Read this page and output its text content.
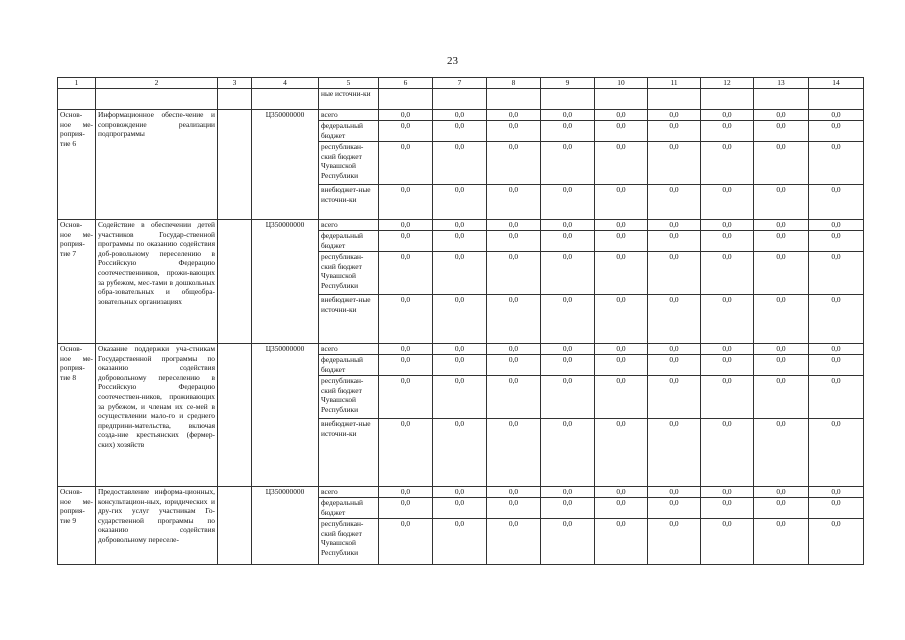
23
1	2	3	4	5	6	7	8	9	10	11	12	13	14
				ные источни-ки									
Основ-ное ме-роприя-тие 6	Информационное обеспе-чение и сопровождение реализации подпрограммы		Ц350000000	всего	0,0	0,0	0,0	0,0	0,0	0,0	0,0	0,0	0,0
				федеральный бюджет	0,0	0,0	0,0	0,0	0,0	0,0	0,0	0,0	0,0
				республикан-ский бюджет Чувашской Республики	0,0	0,0	0,0	0,0	0,0	0,0	0,0	0,0	0,0
				внебюджет-ные источни-ки	0,0	0,0	0,0	0,0	0,0	0,0	0,0	0,0	0,0
Основ-ное ме-роприя-тие 7	Содействие в обеспечении детей участников Государ-ственной программы по оказанию содействия доб-ровольному переселению в Российскую Федерацию соотечественников, прожи-вающих за рубежом, мес-тами в дошкольных обра-зовательных и общеобра-зовательных организациях		Ц350000000	всего	0,0	0,0	0,0	0,0	0,0	0,0	0,0	0,0	0,0
				федеральный бюджет	0,0	0,0	0,0	0,0	0,0	0,0	0,0	0,0	0,0
				республикан-ский бюджет Чувашской Республики	0,0	0,0	0,0	0,0	0,0	0,0	0,0	0,0	0,0
				внебюджет-ные источни-ки	0,0	0,0	0,0	0,0	0,0	0,0	0,0	0,0	0,0
Основ-ное ме-роприя-тие 8	Оказание поддержки уча-стникам Государственной программы по оказанию содействия добровольному переселению в Российскую Федерацию соотечествен-ников, проживающих за рубежом, и членам их се-мей в осуществлении мало-го и среднего предприни-мательства, включая созда-ние крестьянских (фермер-ских) хозяйств		Ц350000000	всего	0,0	0,0	0,0	0,0	0,0	0,0	0,0	0,0	0,0
				федеральный бюджет	0,0	0,0	0,0	0,0	0,0	0,0	0,0	0,0	0,0
				республикан-ский бюджет Чувашской Республики	0,0	0,0	0,0	0,0	0,0	0,0	0,0	0,0	0,0
				внебюджет-ные источни-ки	0,0	0,0	0,0	0,0	0,0	0,0	0,0	0,0	0,0
Основ-ное ме-роприя-тие 9	Предоставление информа-ционных, консультацион-ных, юридических и дру-гих услуг участникам Го-сударственной программы по оказанию содействия добровольному переселе-		Ц350000000	всего	0,0	0,0	0,0	0,0	0,0	0,0	0,0	0,0	0,0
				федеральный бюджет	0,0	0,0	0,0	0,0	0,0	0,0	0,0	0,0	0,0
				республикан-ский бюджет Чувашской Республики	0,0	0,0	0,0	0,0	0,0	0,0	0,0	0,0	0,0
